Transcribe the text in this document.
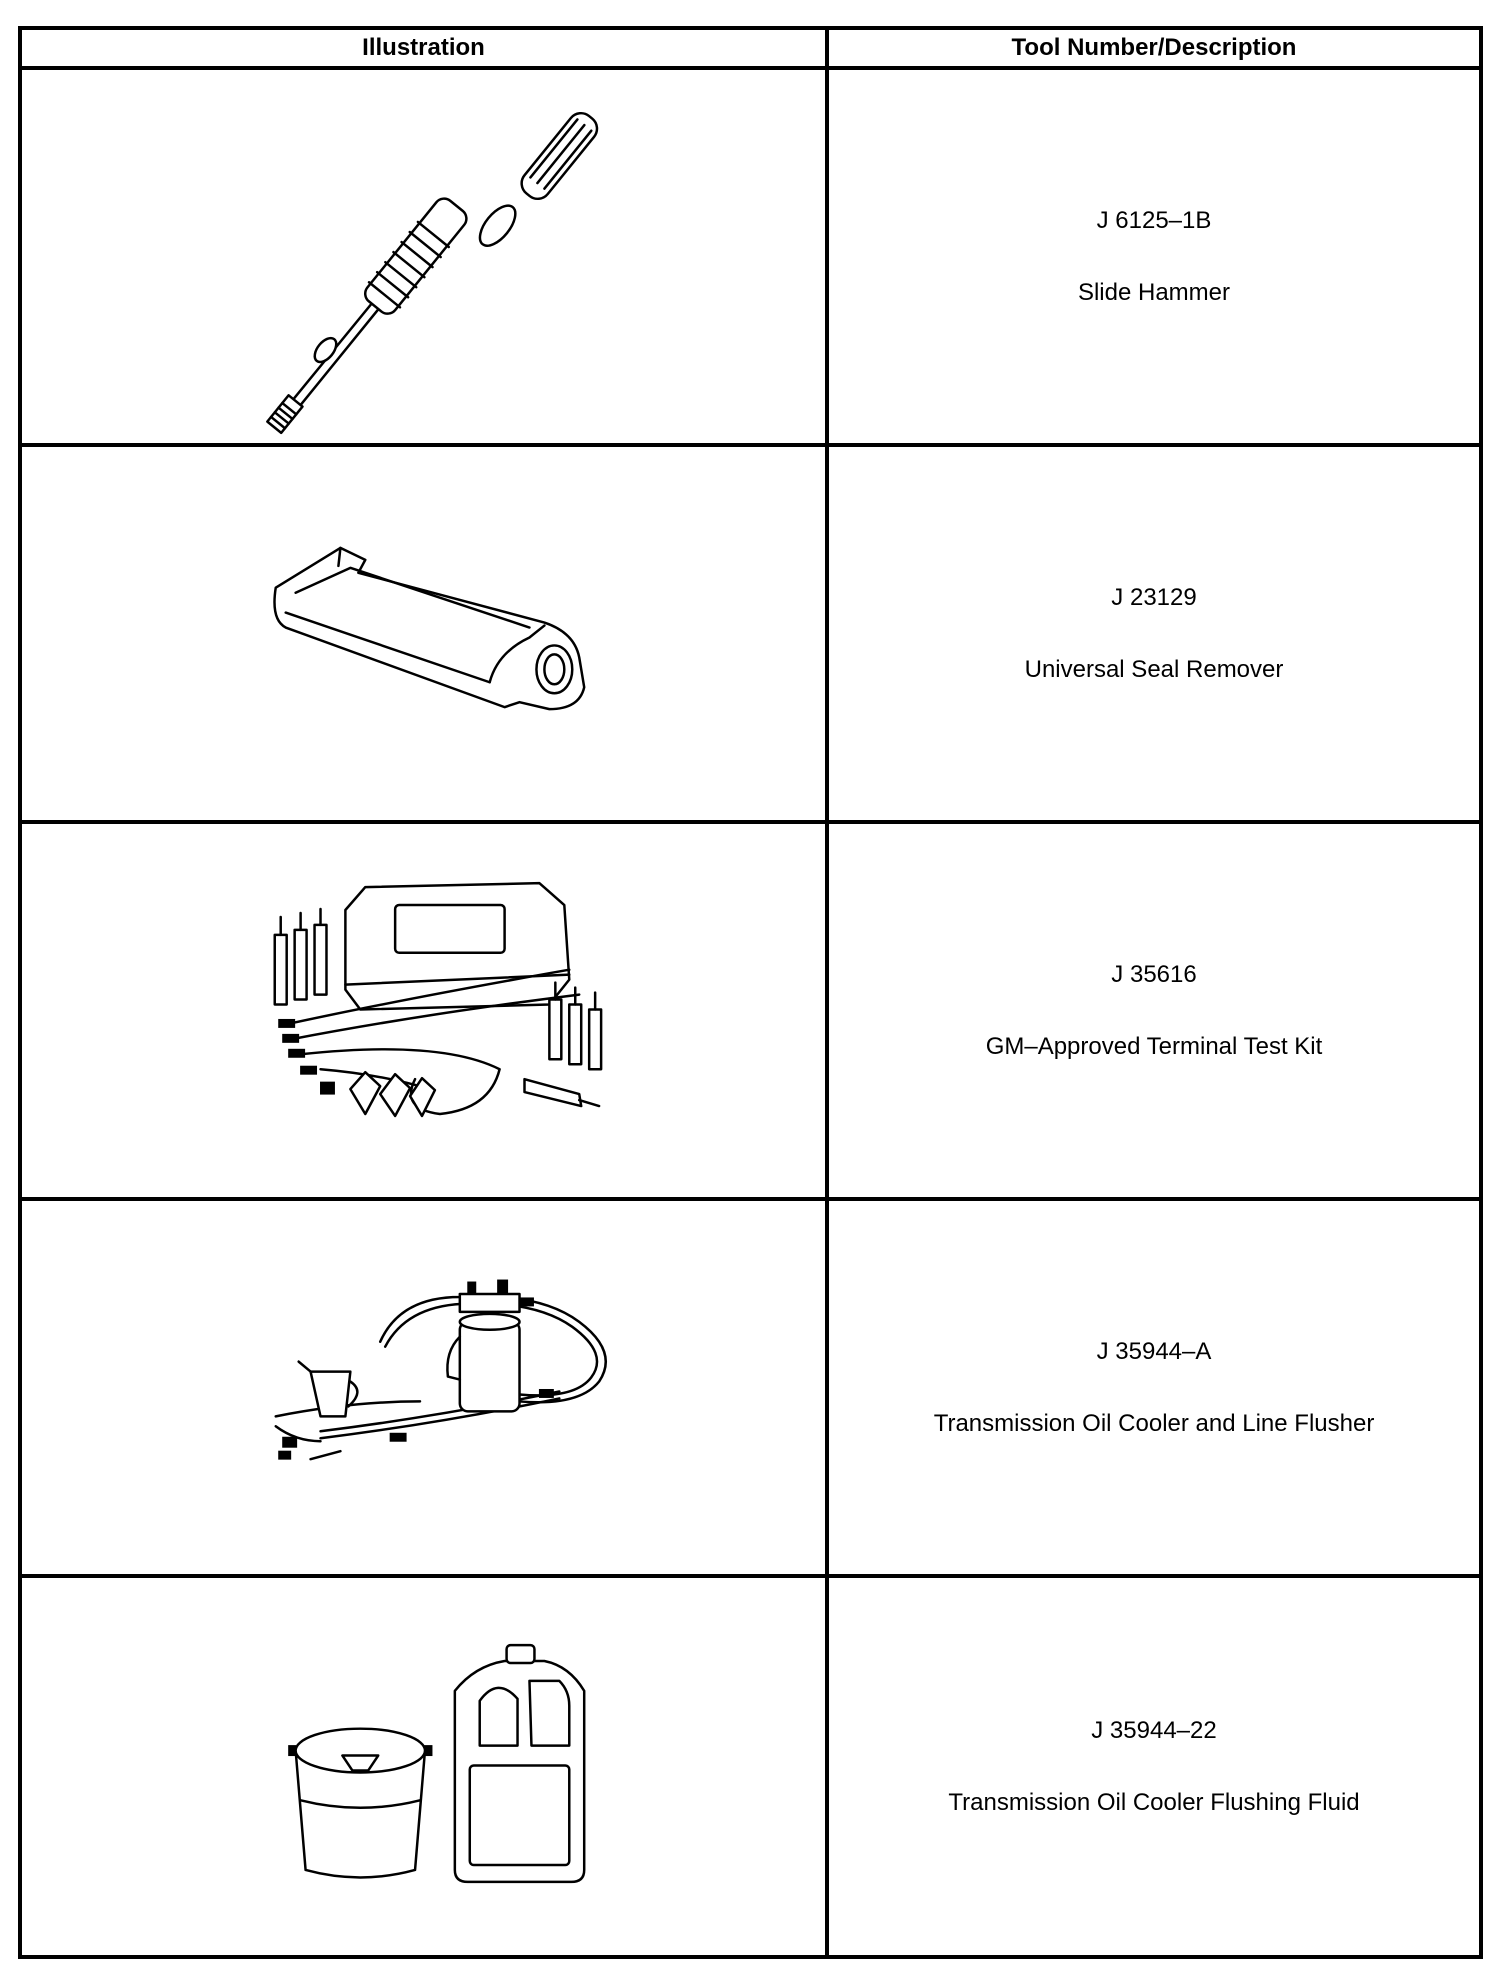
Illustration	Tool Number/Description
J 6125–1B
Slide Hammer
J 23129
Universal Seal Remover
J 35616
GM–Approved Terminal Test Kit
J 35944–A
Transmission Oil Cooler and Line Flusher
J 35944–22
Transmission Oil Cooler Flushing Fluid
